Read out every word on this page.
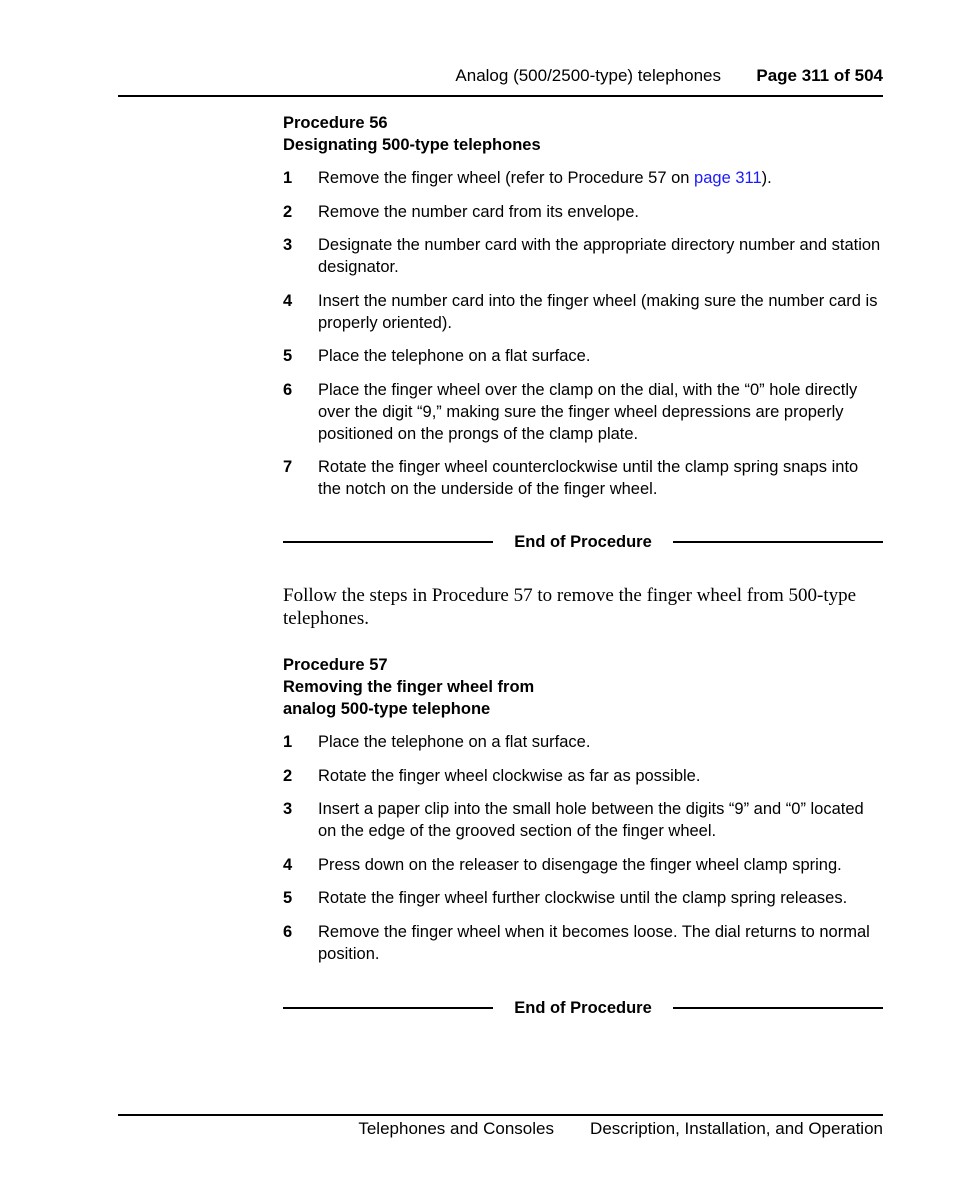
Analog (500/2500-type) telephones Page 311 of 504
Procedure 56
Designating 500-type telephones
1 Remove the finger wheel (refer to Procedure 57 on page 311).
2 Remove the number card from its envelope.
3 Designate the number card with the appropriate directory number and station designator.
4 Insert the number card into the finger wheel (making sure the number card is properly oriented).
5 Place the telephone on a flat surface.
6 Place the finger wheel over the clamp on the dial, with the “0” hole directly over the digit “9,” making sure the finger wheel depressions are properly positioned on the prongs of the clamp plate.
7 Rotate the finger wheel counterclockwise until the clamp spring snaps into the notch on the underside of the finger wheel.
End of Procedure
Follow the steps in Procedure 57 to remove the finger wheel from 500-type telephones.
Procedure 57
Removing the finger wheel from
analog 500-type telephone
1 Place the telephone on a flat surface.
2 Rotate the finger wheel clockwise as far as possible.
3 Insert a paper clip into the small hole between the digits “9” and “0” located on the edge of the grooved section of the finger wheel.
4 Press down on the releaser to disengage the finger wheel clamp spring.
5 Rotate the finger wheel further clockwise until the clamp spring releases.
6 Remove the finger wheel when it becomes loose. The dial returns to normal position.
End of Procedure
Telephones and Consoles Description, Installation, and Operation
